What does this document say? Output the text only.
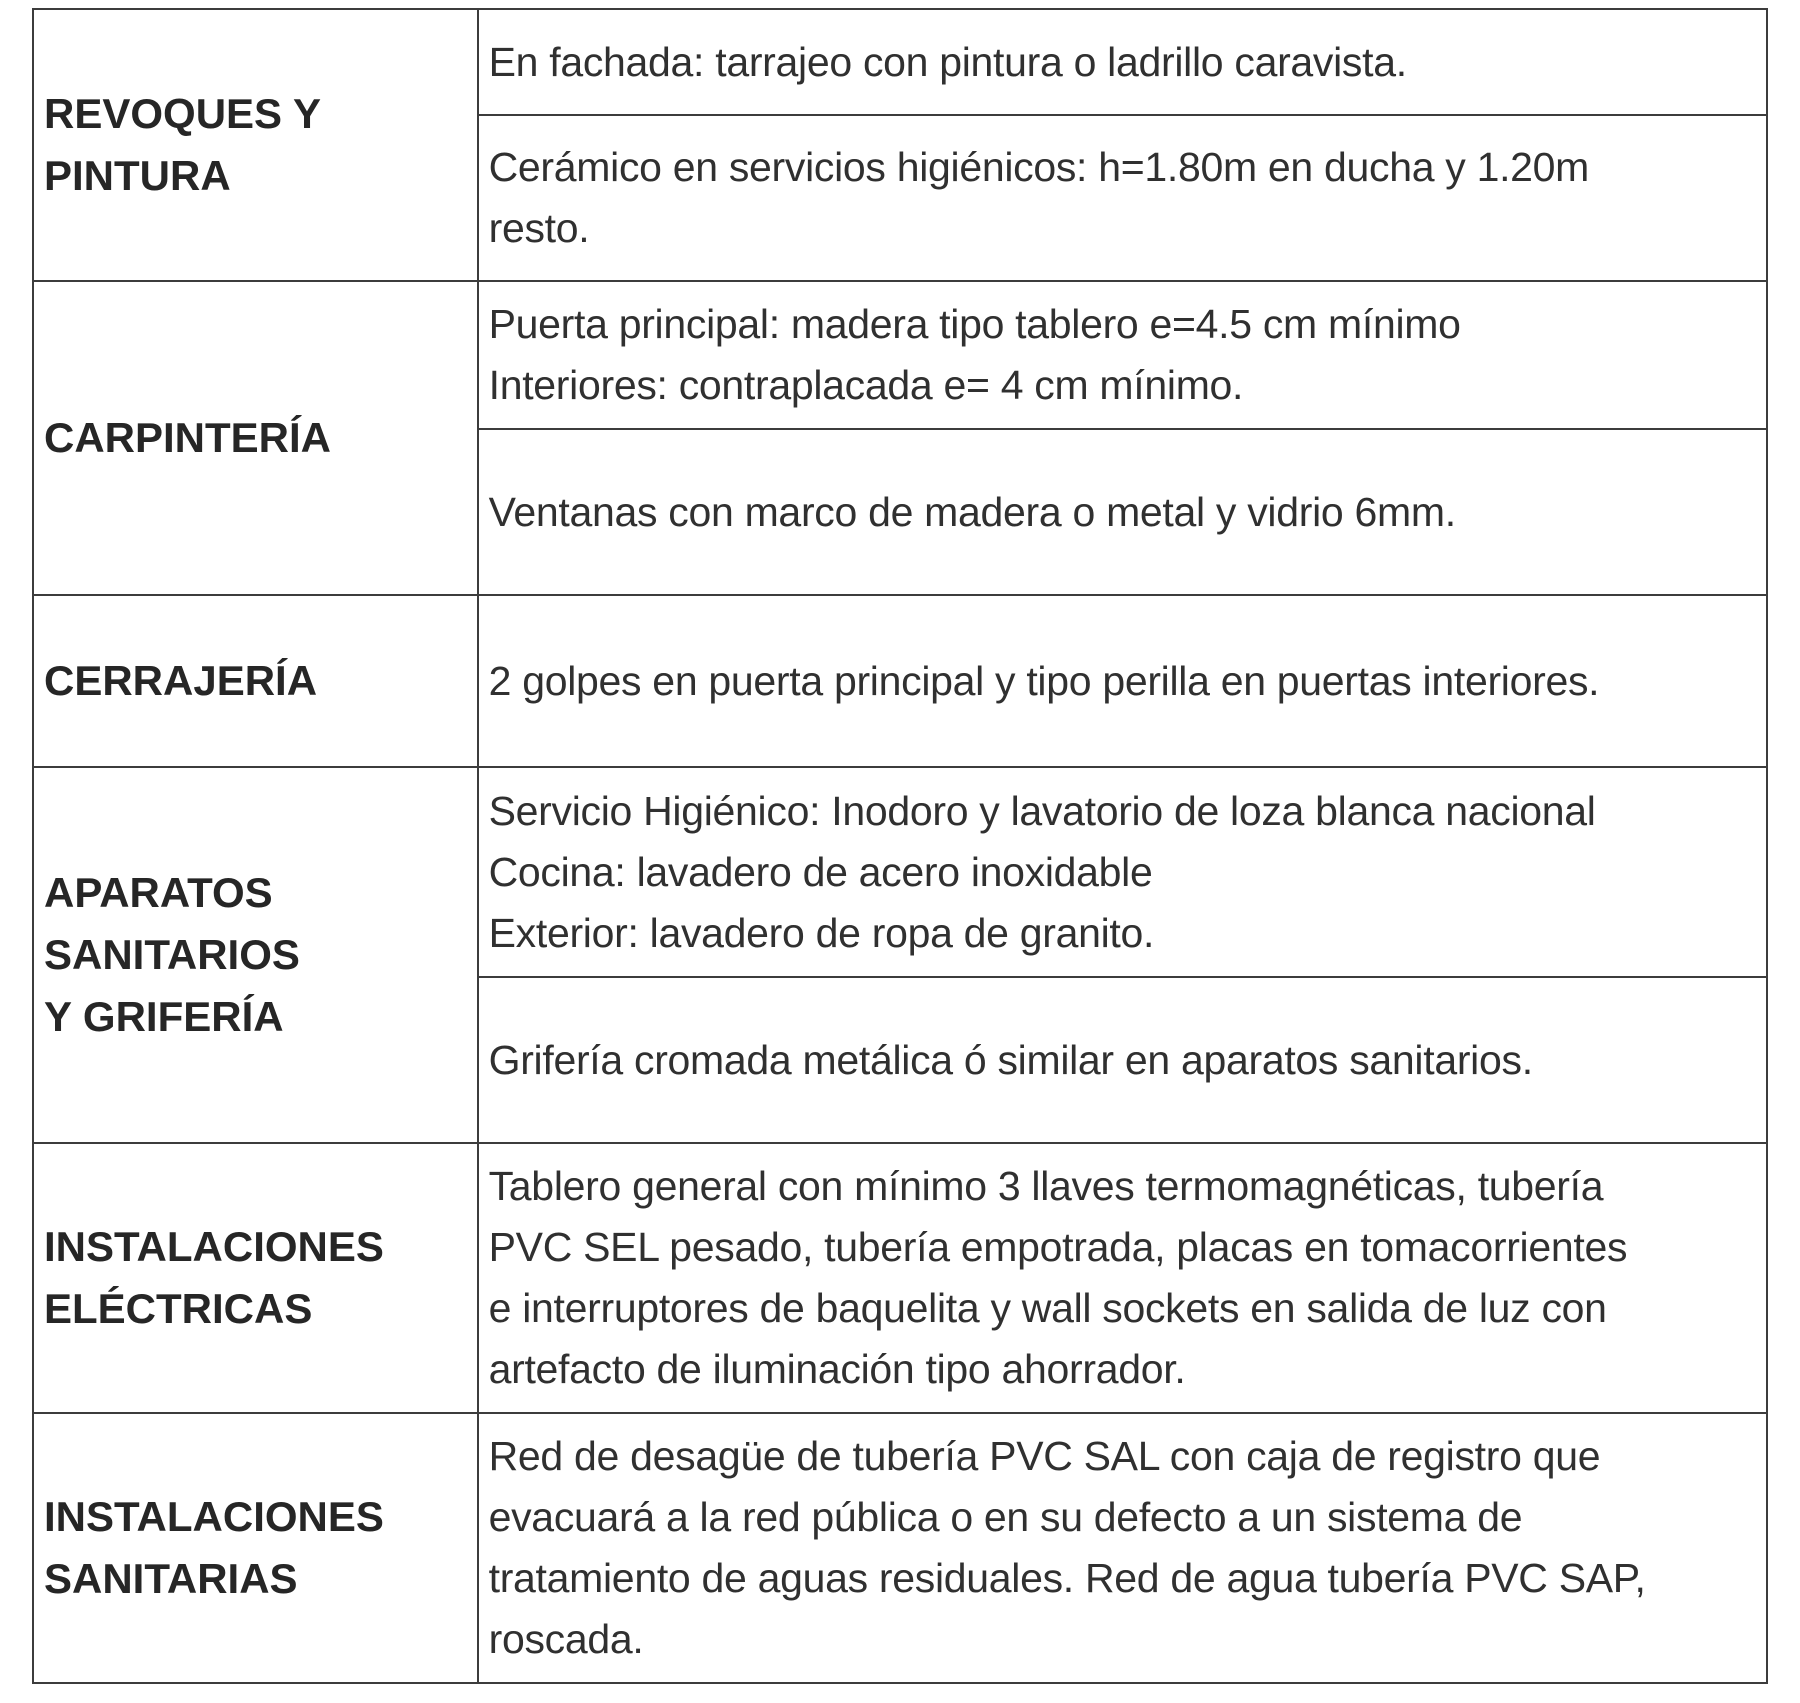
REVOQUES Y
PINTURA	En fachada: tarrajeo con pintura o ladrillo caravista.

	Cerámico en servicios higiénicos: h=1.80m en ducha y 1.20m
resto.

CARPINTERÍA	Puerta principal: madera tipo tablero e=4.5 cm mínimo
Interiores: contraplacada e= 4 cm mínimo.

	Ventanas con marco de madera o metal y vidrio 6mm.

CERRAJERÍA	2 golpes en puerta principal y tipo perilla en puertas interiores.

APARATOS
SANITARIOS
Y GRIFERÍA	Servicio Higiénico: Inodoro y lavatorio de loza blanca nacional
Cocina: lavadero de acero inoxidable
Exterior: lavadero de ropa de granito.

	Grifería cromada metálica ó similar en aparatos sanitarios.

INSTALACIONES
ELÉCTRICAS	Tablero general con mínimo 3 llaves termomagnéticas, tubería
PVC SEL pesado, tubería empotrada, placas en tomacorrientes
e interruptores de baquelita y wall sockets en salida de luz con
artefacto de iluminación tipo ahorrador.

INSTALACIONES
SANITARIAS	Red de desagüe de tubería PVC SAL con caja de registro que
evacuará a la red pública o en su defecto a un sistema de
tratamiento de aguas residuales. Red de agua tubería PVC SAP,
roscada.
